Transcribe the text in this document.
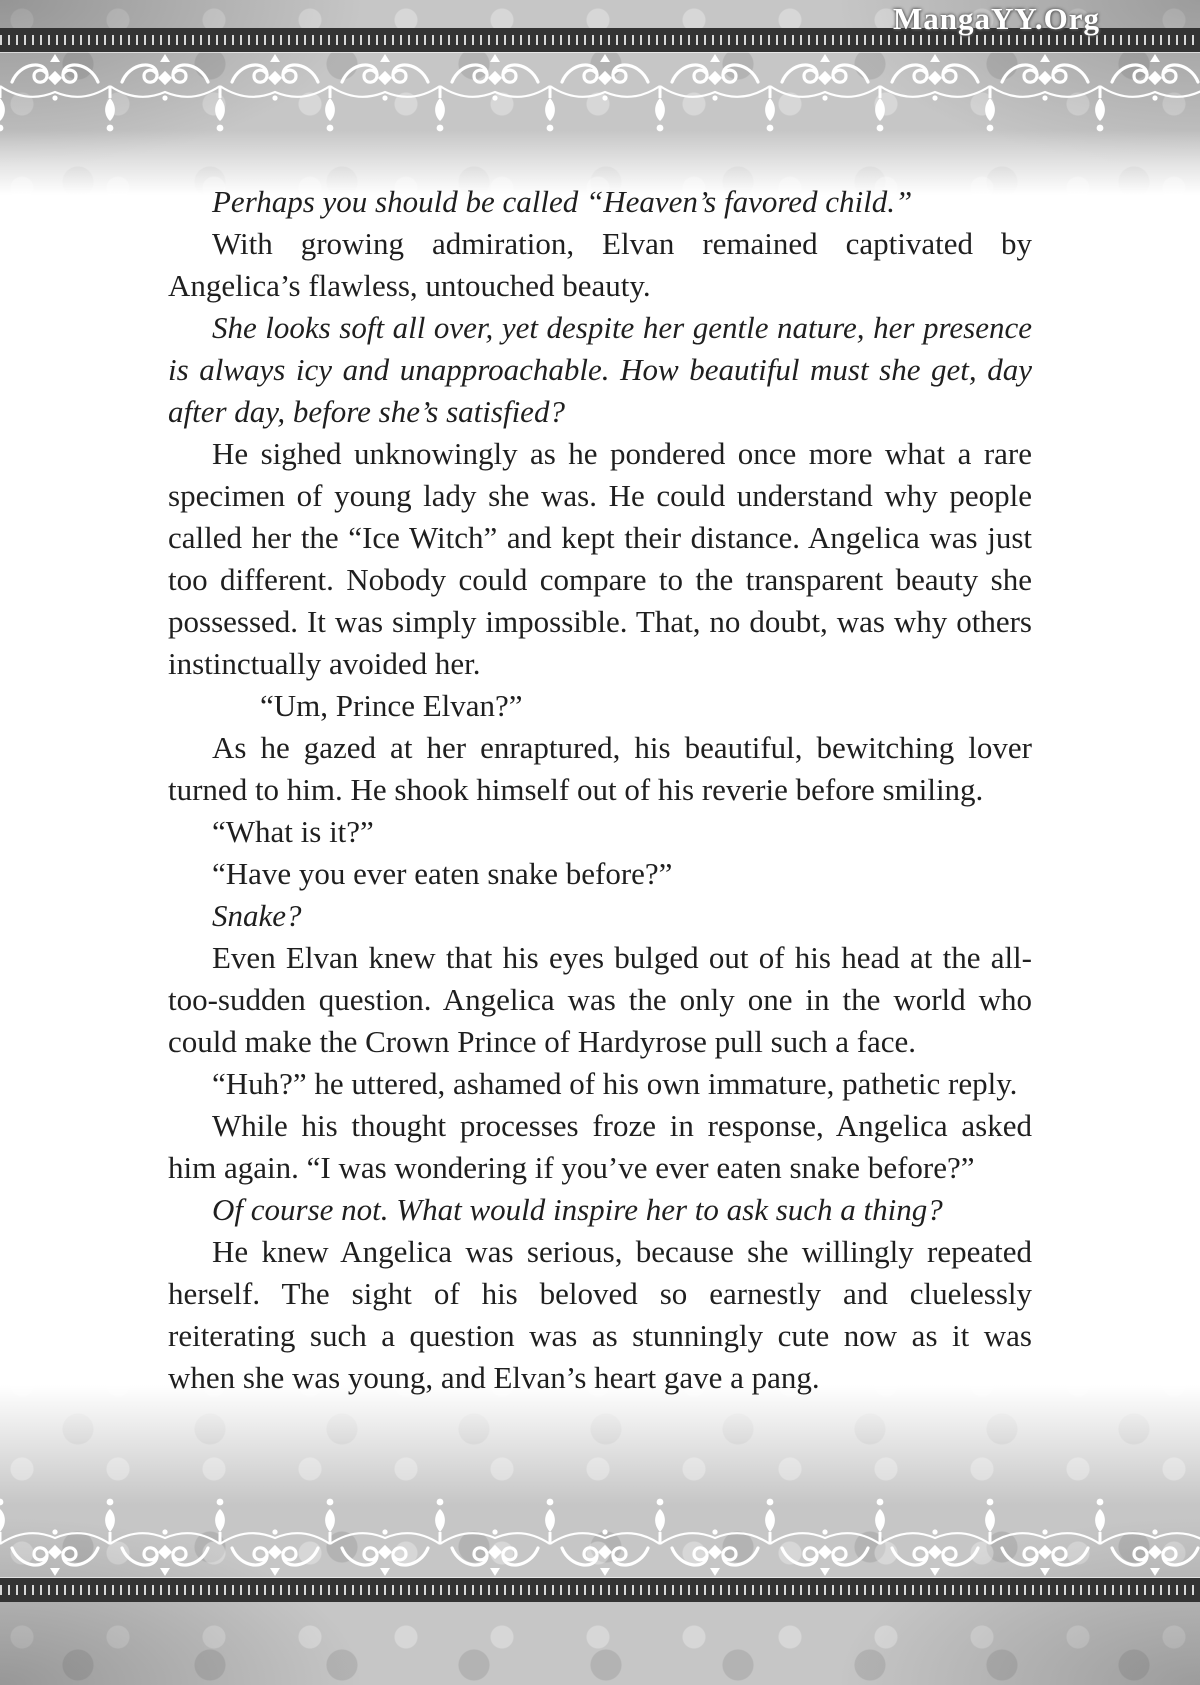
MangaYY.Org

Perhaps you should be called “Heaven’s favored child.”

With growing admiration, Elvan remained captivated by Angelica’s flawless, untouched beauty.

She looks soft all over, yet despite her gentle nature, her presence is always icy and unapproachable. How beautiful must she get, day after day, before she’s satisfied?

He sighed unknowingly as he pondered once more what a rare specimen of young lady she was. He could understand why people called her the “Ice Witch” and kept their distance. Angelica was just too different. Nobody could compare to the transparent beauty she possessed. It was simply impossible. That, no doubt, was why others instinctually avoided her.

“Um, Prince Elvan?”

As he gazed at her enraptured, his beautiful, bewitching lover turned to him. He shook himself out of his reverie before smiling.

“What is it?”

“Have you ever eaten snake before?”

Snake?

Even Elvan knew that his eyes bulged out of his head at the all-too-sudden question. Angelica was the only one in the world who could make the Crown Prince of Hardyrose pull such a face.

“Huh?” he uttered, ashamed of his own immature, pathetic reply.

While his thought processes froze in response, Angelica asked him again. “I was wondering if you’ve ever eaten snake before?”

Of course not. What would inspire her to ask such a thing?

He knew Angelica was serious, because she willingly repeated herself. The sight of his beloved so earnestly and cluelessly reiterating such a question was as stunningly cute now as it was when she was young, and Elvan’s heart gave a pang.
